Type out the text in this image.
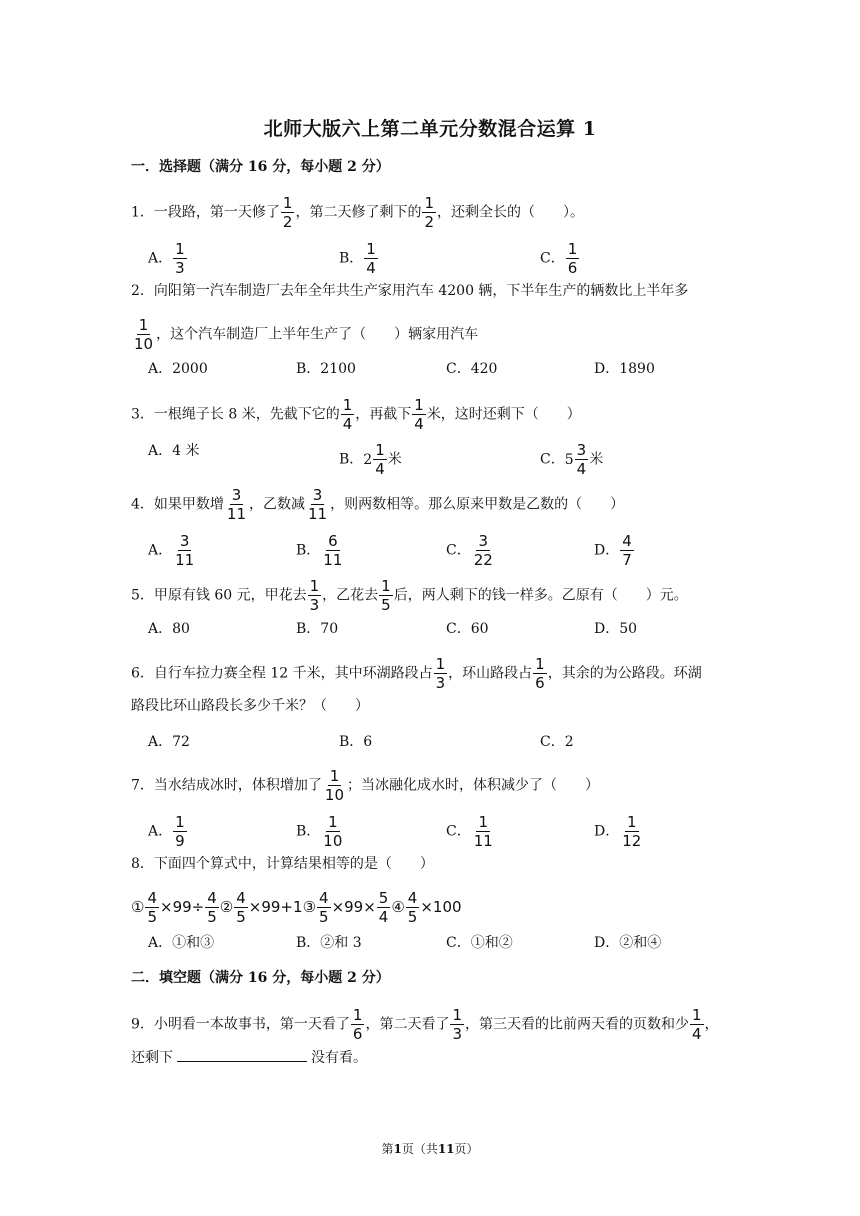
北师大版六上第二单元分数混合运算 1
一．选择题（满分 16 分，每小题 2 分）
1．一段路，第一天修了 $\frac{1}{2}$ ，第二天修了剩下的 $\frac{1}{2}$ ，还剩全长的（　　）。
A． $\frac{1}{3}$	B． $\frac{1}{4}$	C． $\frac{1}{6}$
2．向阳第一汽车制造厂去年全年共生产家用汽车 4200 辆，下半年生产的辆数比上半年多
$\frac{1}{10}$ ，这个汽车制造厂上半年生产了（　　）辆家用汽车
A．2000	B．2100	C．420	D．1890
3．一根绳子长 8 米，先截下它的 $\frac{1}{4}$ ，再截下 $\frac{1}{4}$ 米，这时还剩下（　　）
A．4 米
B． $2 \frac{1}{4}$ 米	C． $5 \frac{3}{4}$ 米
4．如果甲数增 $\frac{3}{11}$ ，乙数减 $\frac{3}{11}$ ，则两数相等。那么原来甲数是乙数的（　　）
A． $\frac{3}{11}$	B． $\frac{6}{11}$	C． $\frac{3}{22}$	D． $\frac{4}{7}$
5．甲原有钱 60 元，甲花去 $\frac{1}{3}$ ，乙花去 $\frac{1}{5}$ 后，两人剩下的钱一样多。乙原有（　　）元。
A．80	B．70	C．60	D．50
6．自行车拉力赛全程 12 千米，其中环湖路段占 $\frac{1}{3}$ ，环山路段占 $\frac{1}{6}$ ，其余的为公路段。环湖
路段比环山路段长多少千米？（　　）
A．72	B．6	C．2
7．当水结成冰时，体积增加了 $\frac{1}{10}$ ；当冰融化成水时，体积减少了（　　）
A． $\frac{1}{9}$	B． $\frac{1}{10}$	C． $\frac{1}{11}$	D． $\frac{1}{12}$
8．下面四个算式中，计算结果相等的是（　　）
① $\frac{4}{5} \times 99\div \frac{4}{5}$ ② $\frac{4}{5}$ ×99+1③ $\frac{4}{5} \times 99\times \frac{5}{4}$ ④ $\frac{4}{5} \times 100$
A．①和③	B．②和 3	C．①和②	D．②和④
二．填空题（满分 16 分，每小题 2 分）
9．小明看一本故事书，第一天看了 $\frac{1}{6}$ ，第二天看了 $\frac{1}{3}$ ，第三天看的比前两天看的页数和少 $\frac{1}{4}$ ，
还剩下	没有看。
第1页（共11页）
